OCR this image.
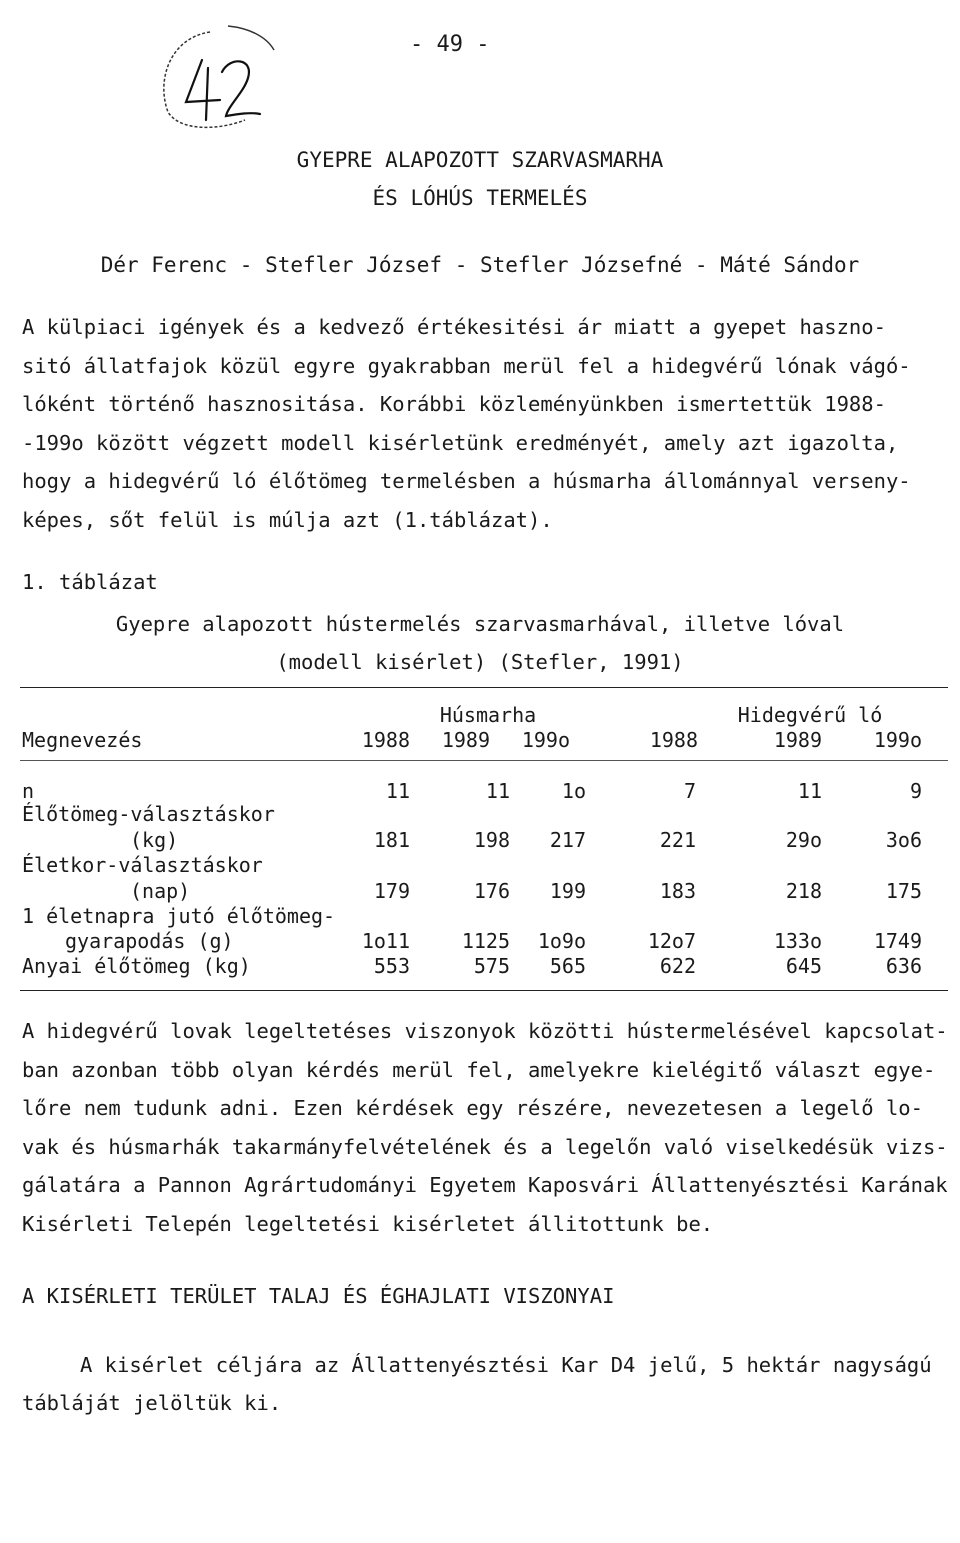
- 49 -
GYEPRE ALAPOZOTT SZARVASMARHA
ÉS LÓHÚS TERMELÉS
Dér Ferenc - Stefler József - Stefler Józsefné - Máté Sándor
A külpiaci igények és a kedvező értékesitési ár miatt a gyepet haszno-
sitó állatfajok közül egyre gyakrabban merül fel a hidegvérű lónak vágó-
lóként történő hasznositása. Korábbi közleményünkben ismertettük 1988-
-199o között végzett modell kisérletünk eredményét, amely azt igazolta,
hogy a hidegvérű ló élőtömeg termelésben a húsmarha állománnyal verseny-
képes, sőt felül is múlja azt (1.táblázat).
1. táblázat
Gyepre alapozott hústermelés szarvasmarhával, illetve lóval
(modell kisérlet) (Stefler, 1991)
Húsmarha	Hidegvérű ló
Megnevezés	1988	1989	199o	1988	1989	199o
n	11	11	1o	7	11	9
Élőtömeg-választáskor
(kg)	181	198	217	221	29o	3o6
Életkor-választáskor
(nap)	179	176	199	183	218	175
1 életnapra jutó élőtömeg-
gyarapodás (g)	1o11	1125	1o9o	12o7	133o	1749
Anyai élőtömeg (kg)	553	575	565	622	645	636
A hidegvérű lovak legeltetéses viszonyok közötti hústermelésével kapcsolat-
ban azonban több olyan kérdés merül fel, amelyekre kielégitő választ egye-
lőre nem tudunk adni. Ezen kérdések egy részére, nevezetesen a legelő lo-
vak és húsmarhák takarmányfelvételének és a legelőn való viselkedésük vizs-
gálatára a Pannon Agrártudományi Egyetem Kaposvári Állattenyésztési Karának
Kisérleti Telepén legeltetési kisérletet állitottunk be.
A KISÉRLETI TERÜLET TALAJ ÉS ÉGHAJLATI VISZONYAI
A kisérlet céljára az Állattenyésztési Kar D4 jelű, 5 hektár nagyságú
tábláját jelöltük ki.
